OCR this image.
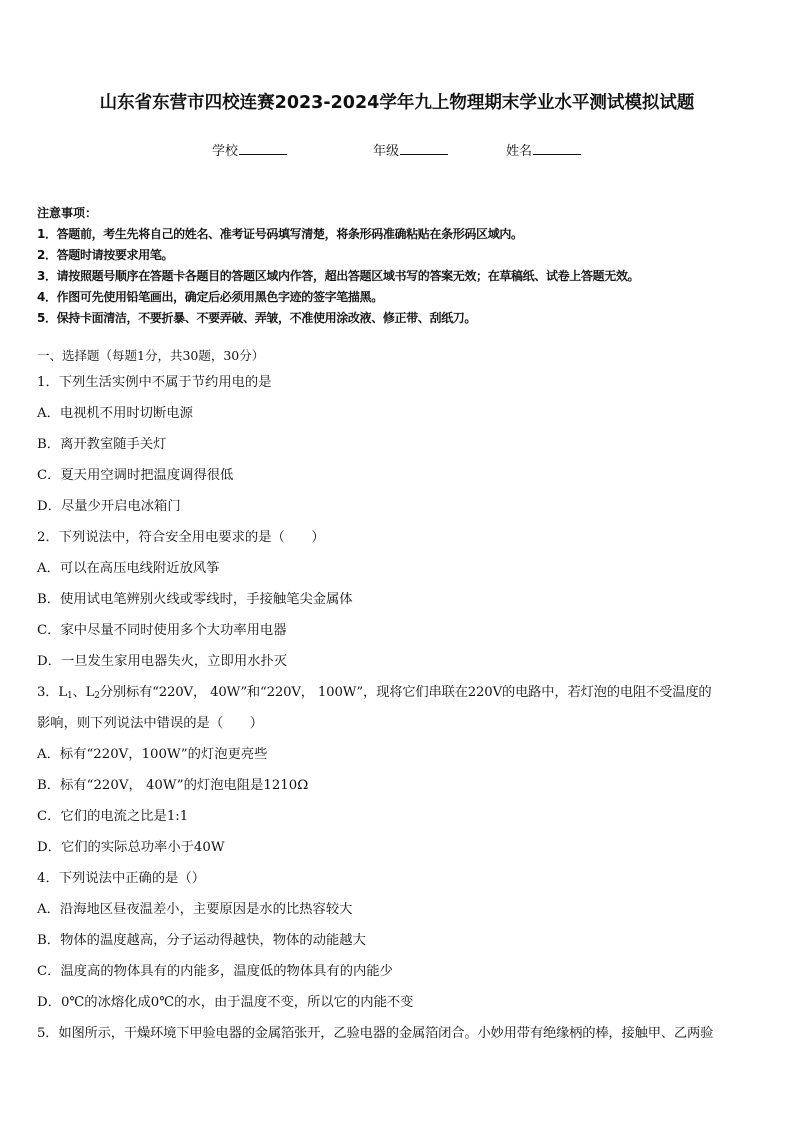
山东省东营市四校连赛2023-2024学年九上物理期末学业水平测试模拟试题
学校	年级	姓名
注意事项：
1．答题前，考生先将自己的姓名、准考证号码填写清楚，将条形码准确粘贴在条形码区域内。
2．答题时请按要求用笔。
3．请按照题号顺序在答题卡各题目的答题区域内作答，超出答题区域书写的答案无效；在草稿纸、试卷上答题无效。
4．作图可先使用铅笔画出，确定后必须用黑色字迹的签字笔描黑。
5．保持卡面清洁，不要折暴、不要弄破、弄皱，不准使用涂改液、修正带、刮纸刀。
一、选择题（每题1分，共30题，30分）
1．下列生活实例中不属于节约用电的是
A．电视机不用时切断电源
B．离开教室随手关灯
C．夏天用空调时把温度调得很低
D．尽量少开启电冰箱门
2．下列说法中，符合安全用电要求的是（　　）
A．可以在高压电线附近放风筝
B．使用试电笔辨别火线或零线时，手接触笔尖金属体
C．家中尽量不同时使用多个大功率用电器
D．一旦发生家用电器失火，立即用水扑灭
3．$L_1$、$L_2$分别标有“220V， 40W”和“220V， 100W”，现将它们串联在220V的电路中，若灯泡的电阻不受温度的
影响，则下列说法中错误的是（　　）
A．标有“220V，100W”的灯泡更亮些
B．标有“220V， 40W”的灯泡电阻是1210Ω
C．它们的电流之比是1:1
D．它们的实际总功率小于40W
4．下列说法中正确的是（）
A．沿海地区昼夜温差小，主要原因是水的比热容较大
B．物体的温度越高，分子运动得越快，物体的动能越大
C．温度高的物体具有的内能多，温度低的物体具有的内能少
D．0℃的冰熔化成0℃的水，由于温度不变，所以它的内能不变
5．如图所示，干燥环境下甲验电器的金属箔张开，乙验电器的金属箔闭合。小妙用带有绝缘柄的棒，接触甲、乙两验
